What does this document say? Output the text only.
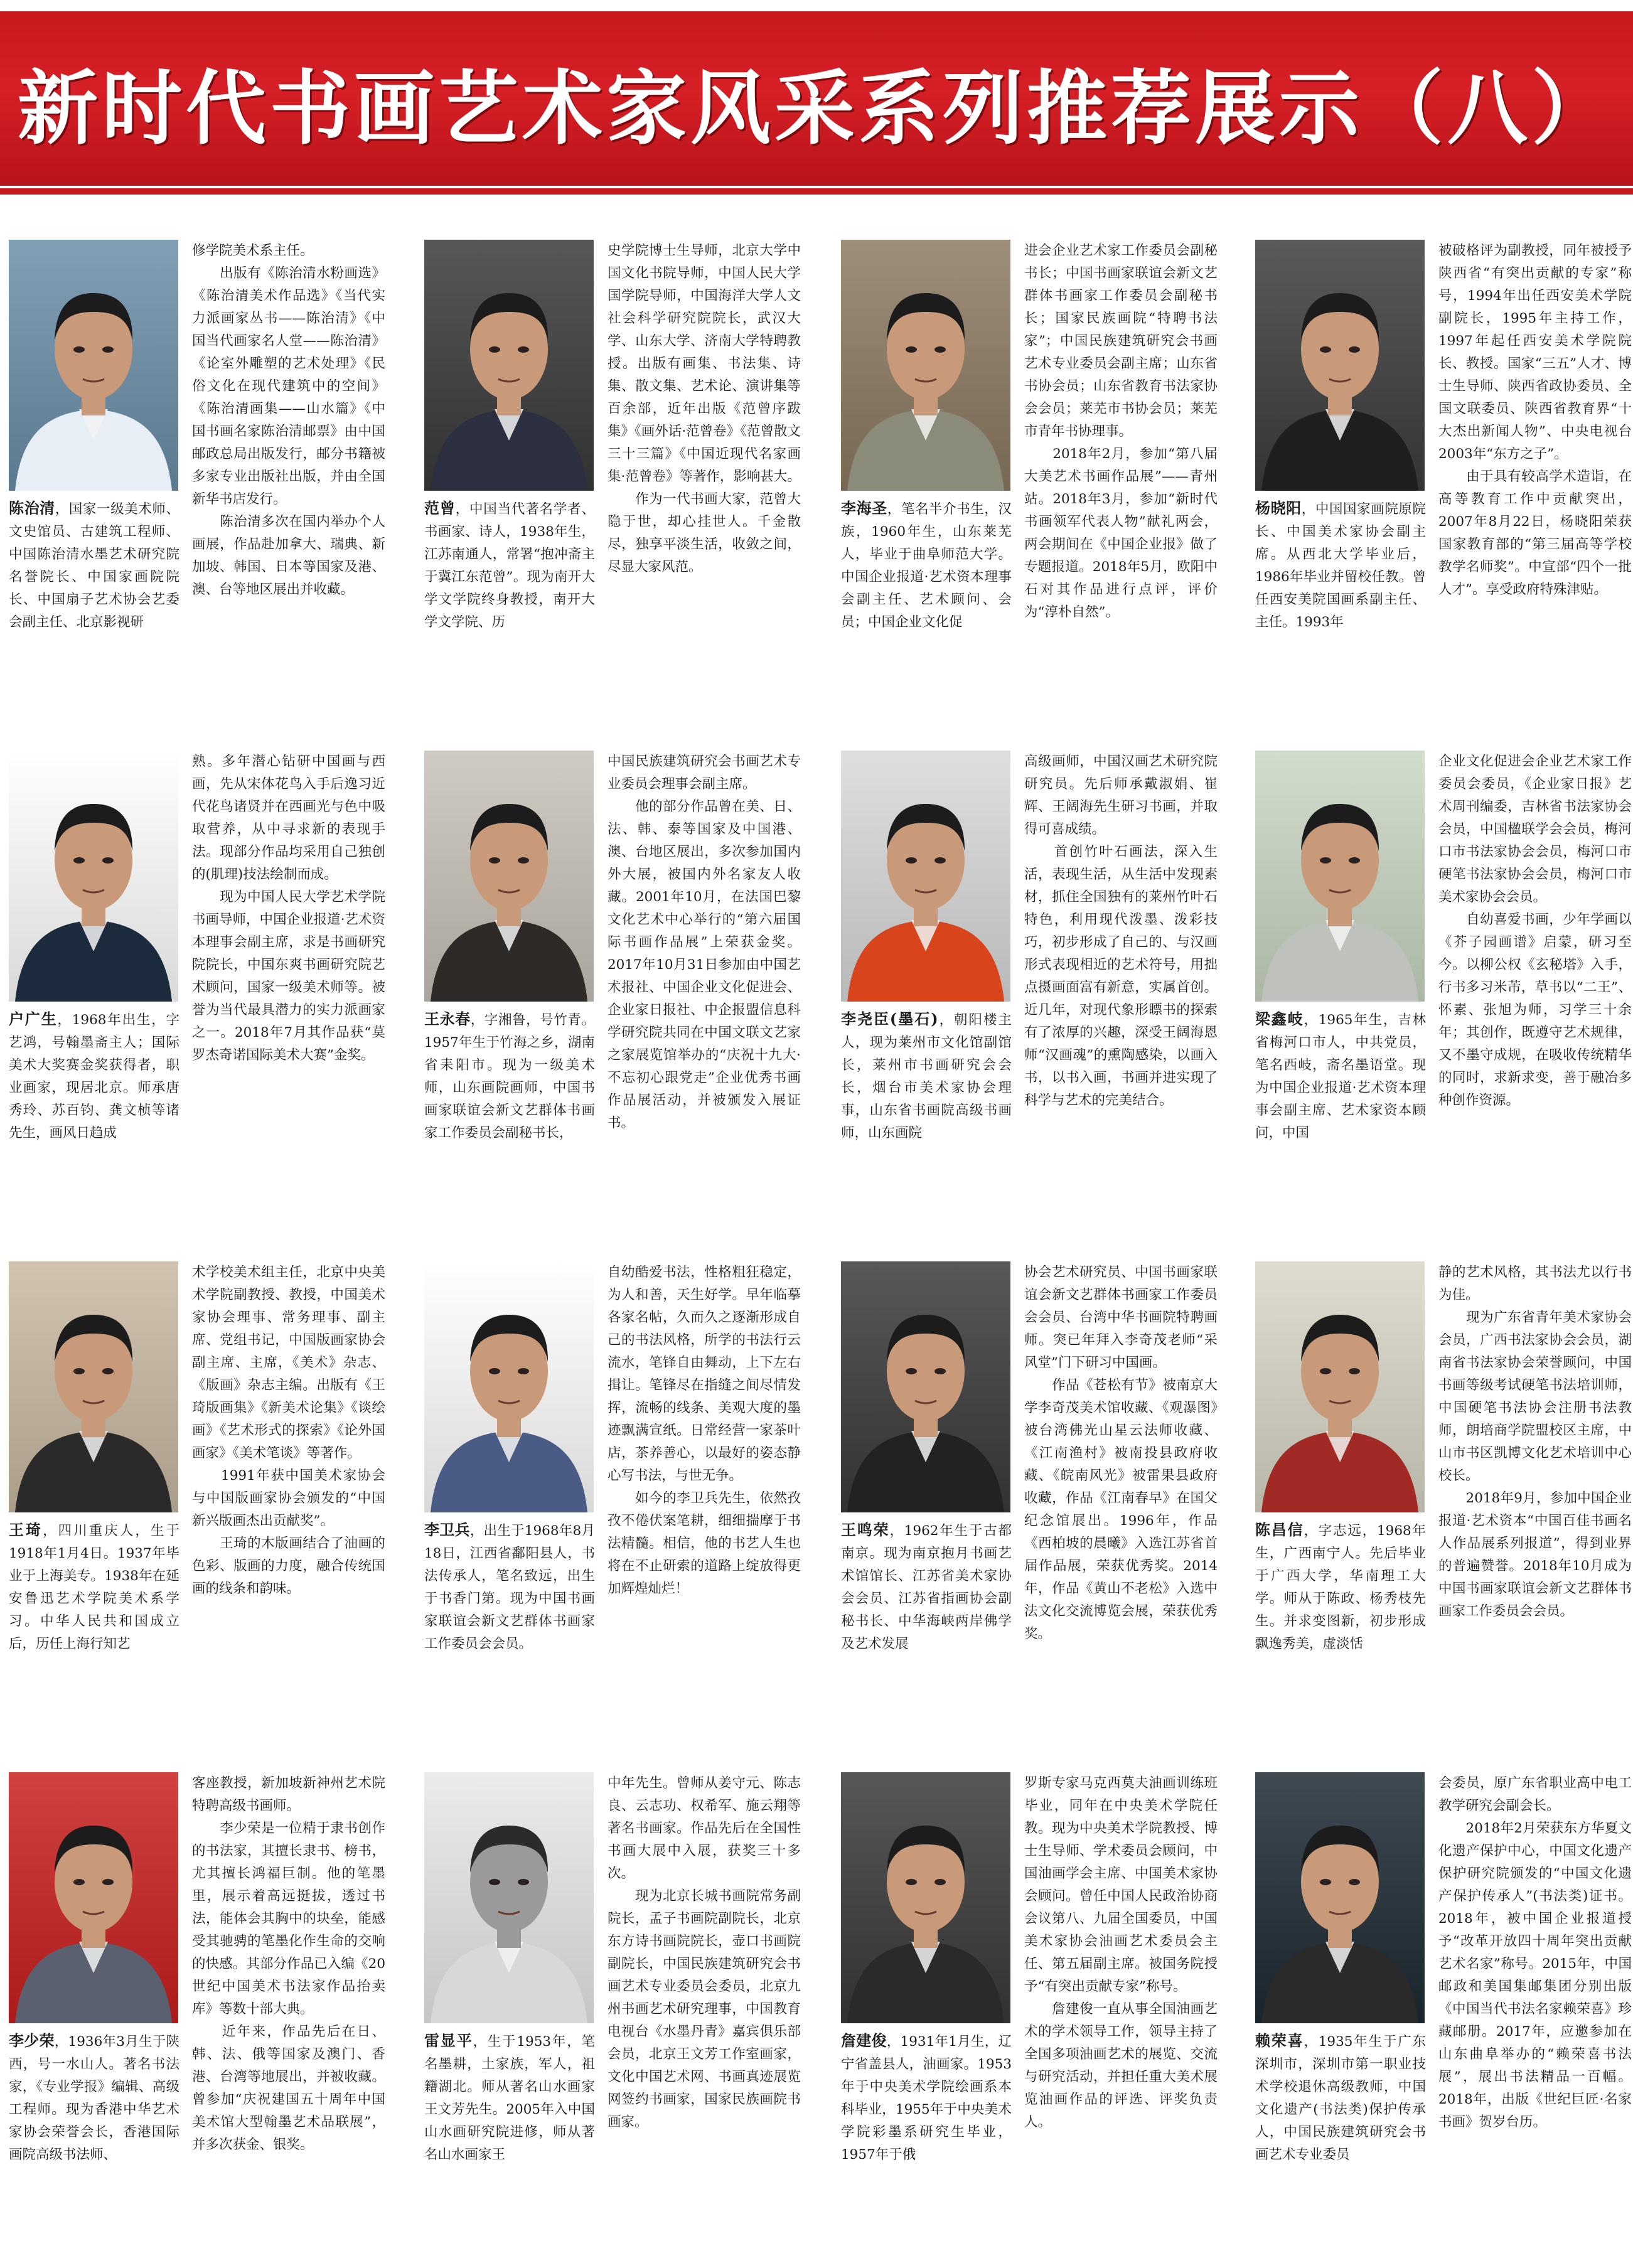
新时代书画艺术家风采系列推荐展示（八）
修学院美术系主任。
　　出版有《陈治清水粉画选》《陈治清美术作品选》《当代实力派画家丛书——陈治清》《中国当代画家名人堂——陈治清》《论室外雕塑的艺术处理》《民俗文化在现代建筑中的空间》《陈治清画集——山水篇》《中国书画名家陈治清邮票》由中国邮政总局出版发行，邮分书籍被多家专业出版社出版，并由全国新华书店发行。
　　陈治清多次在国内举办个人画展，作品赴加拿大、瑞典、新加坡、韩国、日本等国家及港、澳、台等地区展出并收藏。
陈治清，国家一级美术师、文史馆员、古建筑工程师、中国陈治清水墨艺术研究院名誉院长、中国家画院院长、中国扇子艺术协会艺委会副主任、北京影视研
史学院博士生导师，北京大学中国文化书院导师，中国人民大学国学院导师，中国海洋大学人文社会科学研究院院长，武汉大学、山东大学、济南大学特聘教授。出版有画集、书法集、诗集、散文集、艺术论、演讲集等百余部，近年出版《范曾序跋集》《画外话·范曾卷》《范曾散文三十三篇》《中国近现代名家画集·范曾卷》等著作，影响甚大。
　　作为一代书画大家，范曾大隐于世，却心挂世人。千金散尽，独享平淡生活，收敛之间，尽显大家风范。
范曾，中国当代著名学者、书画家、诗人，1938年生，江苏南通人，常署“抱冲斋主于冀江东范曾”。现为南开大学文学院终身教授，南开大学文学院、历
进会企业艺术家工作委员会副秘书长；中国书画家联谊会新文艺群体书画家工作委员会副秘书长；国家民族画院“特聘书法家”；中国民族建筑研究会书画艺术专业委员会副主席；山东省书协会员；山东省教育书法家协会会员；莱芜市书协会员；莱芜市青年书协理事。
　　2018年2月，参加“第八届大美艺术书画作品展”——青州站。2018年3月，参加“新时代书画领军代表人物”献礼两会，两会期间在《中国企业报》做了专题报道。2018年5月，欧阳中石对其作品进行点评，评价为“淳朴自然”。
李海圣，笔名半介书生，汉族，1960年生，山东莱芜人，毕业于曲阜师范大学。中国企业报道·艺术资本理事会副主任、艺术顾问、会员；中国企业文化促
被破格评为副教授，同年被授予陕西省“有突出贡献的专家”称号，1994年出任西安美术学院副院长，1995年主持工作，1997年起任西安美术学院院长、教授。国家“三五”人才、博士生导师、陕西省政协委员、全国文联委员、陕西省教育界“十大杰出新闻人物”、中央电视台2003年“东方之子”。
　　由于具有较高学术造诣，在高等教育工作中贡献突出，2007年8月22日，杨晓阳荣获国家教育部的“第三届高等学校教学名师奖”。中宣部“四个一批人才”。享受政府特殊津贴。
杨晓阳，中国国家画院原院长、中国美术家协会副主席。从西北大学毕业后，1986年毕业并留校任教。曾任西安美院国画系副主任、主任。1993年
熟。多年潜心钻研中国画与西画，先从宋体花鸟入手后逸习近代花鸟诸贤并在西画光与色中吸取营养，从中寻求新的表现手法。现部分作品均采用自己独创的(肌理)技法绘制而成。
　　现为中国人民大学艺术学院书画导师，中国企业报道·艺术资本理事会副主席，求是书画研究院院长，中国东爽书画研究院艺术顾问，国家一级美术师等。被誉为当代最具潜力的实力派画家之一。2018年7月其作品获“莫罗杰奇诺国际美术大赛”金奖。
户广生，1968年出生，字艺鸿，号翰墨斋主人；国际美术大奖赛金奖获得者，职业画家，现居北京。师承唐秀玲、苏百钧、龚文桢等诸先生，画风日趋成
中国民族建筑研究会书画艺术专业委员会理事会副主席。
　　他的部分作品曾在美、日、法、韩、泰等国家及中国港、澳、台地区展出，多次参加国内外大展，被国内外名家友人收藏。2001年10月，在法国巴黎文化艺术中心举行的“第六届国际书画作品展”上荣获金奖。2017年10月31日参加由中国艺术报社、中国企业文化促进会、企业家日报社、中企报盟信息科学研究院共同在中国文联文艺家之家展览馆举办的“庆祝十九大·不忘初心跟党走”企业优秀书画作品展活动，并被颁发入展证书。
王永春，字湘鲁，号竹青。1957年生于竹海之乡，湖南省耒阳市。现为一级美术师，山东画院画师，中国书画家联谊会新文艺群体书画家工作委员会副秘书长，
高级画师，中国汉画艺术研究院研究员。先后师承戴淑娟、崔辉、王阔海先生研习书画，并取得可喜成绩。
　　首创竹叶石画法，深入生活，表现生活，从生活中发现素材，抓住全国独有的莱州竹叶石特色，利用现代泼墨、泼彩技巧，初步形成了自己的、与汉画形式表现相近的艺术符号，用拙点摄画面富有新意，实属首创。近几年，对现代象形瞟书的探索有了浓厚的兴趣，深受王阔海恩师“汉画魂”的熏陶感染，以画入书，以书入画，书画并进实现了科学与艺术的完美结合。
李尧臣(墨石)，朝阳楼主人，现为莱州市文化馆副馆长，莱州市书画研究会会长，烟台市美术家协会理事，山东省书画院高级书画师，山东画院
企业文化促进会企业艺术家工作委员会委员，《企业家日报》艺术周刊编委，吉林省书法家协会会员，中国楹联学会会员，梅河口市书法家协会会员，梅河口市硬笔书法家协会会员，梅河口市美术家协会会员。
　　自幼喜爱书画，少年学画以《芥子园画谱》启蒙，研习至今。以柳公权《玄秘塔》入手，行书多习米芾，草书以“二王”、怀素、张旭为师，习学三十余年；其创作，既遵守艺术规律，又不墨守成规，在吸收传统精华的同时，求新求变，善于融冶多种创作资源。
梁鑫岐，1965年生，吉林省梅河口市人，中共党员，笔名西岐，斋名墨语堂。现为中国企业报道·艺术资本理事会副主席、艺术家资本顾问，中国
术学校美术组主任，北京中央美术学院副教授、教授，中国美术家协会理事、常务理事、副主席、党组书记，中国版画家协会副主席、主席，《美术》杂志、《版画》杂志主编。出版有《王琦版画集》《新美术论集》《谈绘画》《艺术形式的探索》《论外国画家》《美术笔谈》等著作。
　　1991年获中国美术家协会与中国版画家协会颁发的“中国新兴版画杰出贡献奖”。
　　王琦的木版画结合了油画的色彩、版画的力度，融合传统国画的线条和韵味。
王琦，四川重庆人，生于1918年1月4日。1937年毕业于上海美专。1938年在延安鲁迅艺术学院美术系学习。中华人民共和国成立后，历任上海行知艺
自幼酷爱书法，性格粗狂稳定，为人和善，天生好学。早年临摹各家名帖，久而久之逐渐形成自己的书法风格，所学的书法行云流水，笔锋自由舞动，上下左右揖让。笔锋尽在指缝之间尽情发挥，流畅的线条、美观大度的墨迹飘满宣纸。日常经营一家茶叶店，茶养善心，以最好的姿态静心写书法，与世无争。
　　如今的李卫兵先生，依然孜孜不倦伏案笔耕，细细揣摩于书法精髓。相信，他的书艺人生也将在不止研索的道路上绽放得更加辉煌灿烂！
李卫兵，出生于1968年8月18日，江西省鄱阳县人，书法传承人，笔名致远，出生于书香门第。现为中国书画家联谊会新文艺群体书画家工作委员会会员。
协会艺术研究员、中国书画家联谊会新文艺群体书画家工作委员会会员、台湾中华书画院特聘画师。突已年拜入李奇茂老师“采风堂”门下研习中国画。
　　作品《苍松有节》被南京大学李奇茂美术馆收藏、《观瀑图》被台湾佛光山星云法师收藏、《江南渔村》被南投县政府收藏、《皖南风光》被雷果县政府收藏，作品《江南春早》在国父纪念馆展出。1996年，作品《西柏坡的晨曦》入选江苏省首届作品展，荣获优秀奖。2014年，作品《黄山不老松》入选中法文化交流博览会展，荣获优秀奖。
王鸣荣，1962年生于古都南京。现为南京抱月书画艺术馆馆长、江苏省美术家协会会员、江苏省指画协会副秘书长、中华海峡两岸佛学及艺术发展
静的艺术风格，其书法尤以行书为佳。
　　现为广东省青年美术家协会会员，广西书法家协会会员，湖南省书法家协会荣誉顾问，中国书画等级考试硬笔书法培训师，中国硬笔书法协会注册书法教师，朗培商学院盟校区主席，中山市书区凯博文化艺术培训中心校长。
　　2018年9月，参加中国企业报道·艺术资本“中国百佳书画名人作品展系列报道”，得到业界的普遍赞誉。2018年10月成为中国书画家联谊会新文艺群体书画家工作委员会会员。
陈昌信，字志远，1968年生，广西南宁人。先后毕业于广西大学，华南理工大学。师从于陈政、杨秀枝先生。并求变图新，初步形成飘逸秀美，虚淡恬
客座教授，新加坡新神州艺术院特聘高级书画师。
　　李少荣是一位精于隶书创作的书法家，其擅长隶书、榜书，尤其擅长鸿福巨制。他的笔墨里，展示着高远挺拔，透过书法，能体会其胸中的块垒，能感受其驰骋的笔墨化作生命的交响的快感。其部分作品已入编《20世纪中国美术书法家作品抬卖库》等数十部大典。
　　近年来，作品先后在日、韩、法、俄等国家及澳门、香港、台湾等地展出，并被收藏。曾参加“庆祝建国五十周年中国美术馆大型翰墨艺术品联展”，并多次获金、银奖。
李少荣，1936年3月生于陕西，号一水山人。著名书法家，《专业学报》编辑、高级工程师。现为香港中华艺术家协会荣誉会长，香港国际画院高级书法师、
中年先生。曾师从姜守元、陈志良、云志功、权希军、施云翔等著名书画家。作品先后在全国性书画大展中入展，获奖三十多次。
　　现为北京长城书画院常务副院长，孟子书画院副院长，北京东方诗书画院院长，壶口书画院副院长，中国民族建筑研究会书画艺术专业委员会委员，北京九州书画艺术研究理事，中国教育电视台《水墨丹青》嘉宾俱乐部会员，北京王文芳工作室画家，文化中国艺术网、书画真迹展览网签约书画家，国家民族画院书画家。
雷显平，生于1953年，笔名墨耕，土家族，军人，祖籍湖北。师从著名山水画家王文芳先生。2005年入中国山水画研究院进修，师从著名山水画家王
罗斯专家马克西莫夫油画训练班毕业，同年在中央美术学院任教。现为中央美术学院教授、博士生导师、学术委员会顾问，中国油画学会主席、中国美术家协会顾问。曾任中国人民政治协商会议第八、九届全国委员，中国美术家协会油画艺术委员会主任、第五届副主席。被国务院授予“有突出贡献专家”称号。
　　詹建俊一直从事全国油画艺术的学术领导工作，领导主持了全国多项油画艺术的展览、交流与研究活动，并担任重大美术展览油画作品的评选、评奖负责人。
詹建俊，1931年1月生，辽宁省盖县人，油画家。1953年于中央美术学院绘画系本科毕业，1955年于中央美术学院彩墨系研究生毕业，1957年于俄
会委员，原广东省职业高中电工教学研究会副会长。
　　2018年2月荣获东方华夏文化遗产保护中心，中国文化遗产保护研究院颁发的“中国文化遗产保护传承人”(书法类)证书。2018年，被中国企业报道授予“改革开放四十周年突出贡献艺术名家”称号。2015年，中国邮政和美国集邮集团分别出版《中国当代书法名家赖荣喜》珍藏邮册。2017年，应邀参加在山东曲阜举办的“赖荣喜书法展”，展出书法精品一百幅。2018年，出版《世纪巨匠·名家书画》贺岁台历。
赖荣喜，1935年生于广东深圳市，深圳市第一职业技术学校退休高级教师，中国文化遗产(书法类)保护传承人，中国民族建筑研究会书画艺术专业委员
